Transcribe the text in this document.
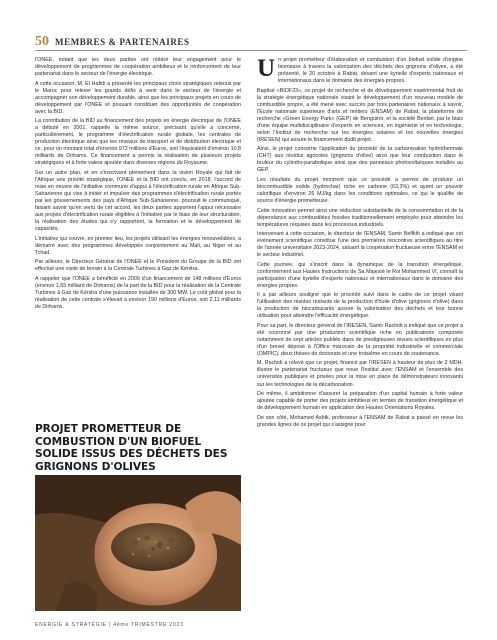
50 MEMBRES & PARTENAIRES

l'ONEE, notant que les deux parties ont réitéré leur engagement pour le développement de programmes de coopération ambitieux et le renforcement de leur partenariat dans le secteur de l'énergie électrique.

A cette occasion, M. El Hafidi a présenté les principaux choix stratégiques retenus par le Maroc pour relever les grands défis à venir dans le secteur de l'énergie et accompagner son développement durable, ainsi que les principaux projets en cours de développement par l'ONEE et pouvant constituer des opportunités de coopération avec la BID.

La contribution de la BID au financement des projets en énergie électrique de l'ONEE a débuté en 2001, rappelle la même source, précisant qu'elle a concerné, particulièrement, le programme d'électrification rurale globale, les centrales de production électrique ainsi que les réseaux de transport et de distribution électrique et ce, pour un montant total d'environ 972 millions d'Euros, soit l'équivalent d'environ 10,8 milliards de Dirhams. Ce financement a permis la réalisation de plusieurs projets stratégiques et à forte valeur ajoutée dans diverses régions du Royaume.

Sur un autre plan, et en s'inscrivant pleinement dans la vision Royale qui fait de l'Afrique une priorité stratégique, l'ONEE et la BID ont conclu, en 2018, l'accord de mise en oeuvre de l'initiative commune d'appui à l'électrification rurale en Afrique Sub-Saharienne qui vise à initier et impulser des programmes d'électrification rurale portés par les gouvernements des pays d'Afrique Sub-Saharienne, poursuit le communiqué, faisant savoir qu'en vertu de cet accord, les deux parties apportent l'appui nécessaire aux projets d'électrification rurale éligibles à l'initiative par le biais de leur structuration, la réalisation des études qui s'y rapportent, la formation et le développement de capacités.

L'initiative qui couvre, en premier lieu, les projets utilisant les énergies renouvelables, a démarré avec des programmes développés conjointement au Mali, au Niger et au Tchad.

Par ailleurs, le Directeur Général de l'ONEE et le Président du Groupe de la BID ont effectué une visite de terrain à la Centrale Turbines à Gaz de Kénitra.

A rappeler que l'ONEE a bénéficié en 2009 d'un financement de 148 millions d'Euros (environ 1,65 milliard de Dirhams) de la part de la BID pour la réalisation de la Centrale Turbines à Gaz de Kénitra d'une puissance installée de 300 MW. Le coût global pour la réalisation de cette centrale s'élevait à environ 190 millions d'Euros, soit 2,11 milliards de Dirhams.

PROJET PROMETTEUR DE COMBUSTION D'UN BIOFUEL SOLIDE ISSUS DES DÉCHETS DES GRIGNONS D'OLIVES

Un projet prometteur d'élaboration et combustion d'un biofuel solide d'origine biomasse à travers la valorisation des déchets des grignons d'olives, a été présenté, le 20 octobre à Rabat, devant une kyrielle d'experts nationaux et internationaux dans le domaine des énergies propres.

Baptisé «BIOF23», ce projet de recherche et de développement expérimental fruit de la stratégie énergétique nationale visant le développement d'un nouveau modèle de combustible propre, a été mené avec succès par trois partenaires nationaux à savoir, l'Ecole nationale supérieure d'arts et métiers (ENSAM) de Rabat, la plateforme de recherche «Green Energy Park» (GEP) de Benguérir, et la société Benbel, par le biais d'une équipe multidisciplinaire d'experts en sciences, en ingénierie et en technologie, selon l'Institut de recherche sur les énergies solaires et les nouvelles énergies (IRESEN) qui assure le financement dudit projet.

Ainsi, le projet concerne l'application du procédé de la carbonisation hydrothermale (CHT) aux résidus agricoles (grignons d'olive) ainsi que leur combustion dans le bruleur du cylindro-parabolique ainsi que des panneaux photovoltaïques installés au GEP.

Les résultats du projet montrent que ce procédé a permis de produire un biocombustible solide (hydrochar) riche en carbone (63,3%) et ayant un pouvoir calorifique d'environ 26 MJ/kg dans les conditions optimales, ce qui le qualifie de source d'énergie prometteuse.

Cette innovation permet ainsi une réduction substantielle de la consommation et de la dépendance aux combustibles fossiles traditionnellement employés pour atteindre les températures requises dans les processus industriels.

Intervenant à cette occasion, le directeur de l'ENSAM, Samir Belfkih a indiqué que cet événement scientifique constitue l'une des premières rencontres scientifiques au titre de l'année universitaire 2023-2024, saluant la coopération fructueuse entre l'ENSAM et le secteur industriel.

Cette journée, qui s'inscrit dans la dynamique de la transition énergétique, conformément aux Hautes Instructions de Sa Majesté le Roi Mohammed VI, connaît la participation d'une kyrielle d'experts nationaux et internationaux dans le domaine des énergies propres.

Il a par ailleurs souligné que le procédé suivi dans le cadre de ce projet visant l'utilisation des résidus restants de la production d'huile d'olive (grignons d'olive) dans la production de biocarburants assure la valorisation des déchets et leur bonne utilisation pour atteindre l'efficacité énergétique.

Pour sa part, le directeur général de l'IRESEN, Samir Rachidi a indiqué que ce projet a été couronné par une production scientifique riche en publications composée notamment de sept articles publiés dans de prestigieuses revues scientifiques en plus d'un brevet déposé à l'Office marocain de la propriété industrielle et commerciale (OMPIC), deux thèses de doctorats et une troisième en cours de soutenance.

M. Rachidi a relevé que ce projet, financé par l'IRESEN à hauteur de plus de 2 MDH, illustre le partenariat fructueux que noue l'Institut avec l'ENSAM et l'ensemble des universités publiques et privées pour la mise en place de démonstrateurs innovants sur les technologies de la décarbonation.

De même, il ambitionne d'assurer la préparation d'un capital humain à forte valeur ajoutée capable de porter des projets ambitieux en termes de transition énergétique et de développement humain en application des Hautes Orientations Royales.

De son côté, Mohamed Asbik, professeur à l'ENSAM de Rabat a passé en revue les grandes lignes de ce projet qui s'assigne pour

ENERGIE & STRATÉGIE | 4ème TRIMESTRE 2023
